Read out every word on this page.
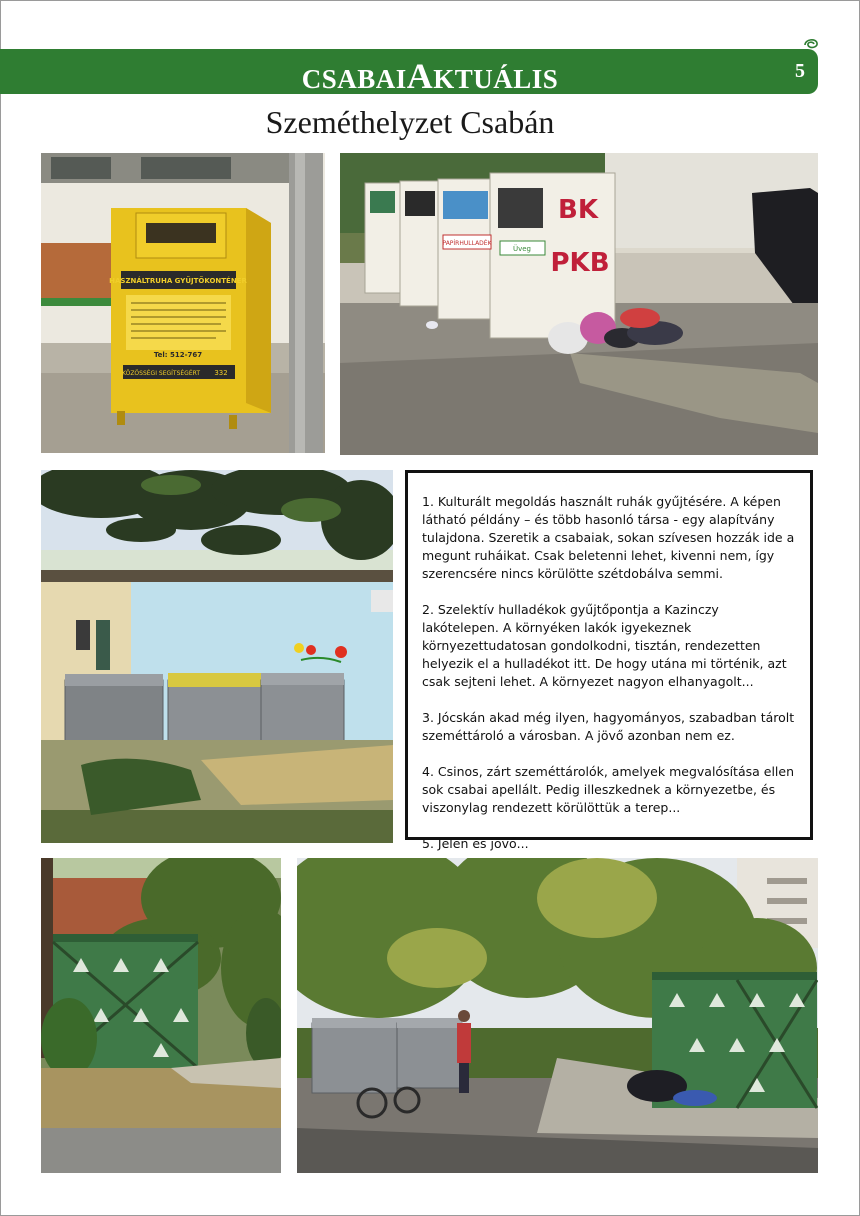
CSABAIAKTUÁLIS	5
Szeméthelyzet Csabán
HASZNÁLTRUHA GYŰJTŐKONTÉNER
Tel: 512-767
KÖZÖSSÉGI SEGÍTSÉGÉRT 332
PAPÍRHULLADÉK
Üveg
BK
PKB

1. Kulturált megoldás használt ruhák gyűjtésére. A képen látható példány – és több hasonló társa - egy alapítvány tulajdona. Szeretik a csabaiak, sokan szívesen hozzák ide a megunt ruháikat. Csak beletenni lehet, kivenni nem, így szerencsére nincs körülötte szétdobálva semmi.

2. Szelektív hulladékok gyűjtőpontja a Kazinczy lakótelepen. A környéken lakók igyekeznek környezettudatosan gondolkodni, tisztán, rendezetten helyezik el a hulladékot itt. De hogy utána mi történik, azt csak sejteni lehet. A környezet nagyon elhanyagolt...

3. Jócskán akad még ilyen, hagyományos, szabadban tárolt szeméttároló a városban. A jövő azonban nem ez.

4. Csinos, zárt szeméttárolók, amelyek megvalósítása ellen sok csabai apellált. Pedig illeszkednek a környezetbe, és viszonylag rendezett körülöttük a terep...

5. Jelen és jövő...
